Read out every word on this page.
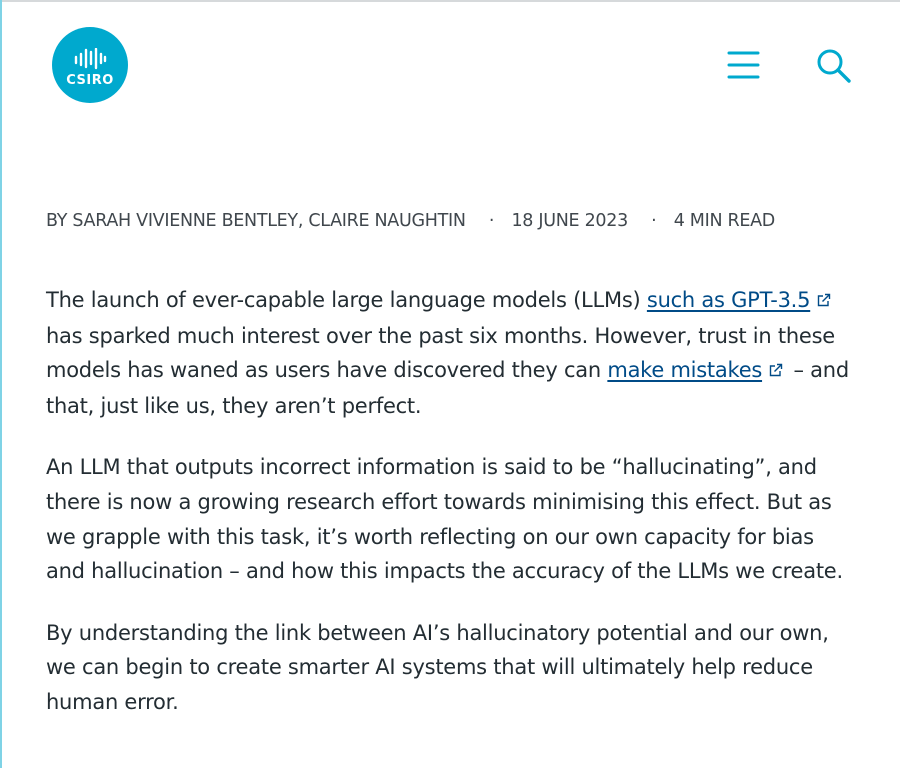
CSIRO
BY SARAH VIVIENNE BENTLEY, CLAIRE NAUGHTIN · 18 JUNE 2023 · 4 MIN READ

The launch of ever-capable large language models (LLMs) such as GPT-3.5 has sparked much interest over the past six months. However, trust in these models has waned as users have discovered they can make mistakes – and that, just like us, they aren’t perfect.

An LLM that outputs incorrect information is said to be “hallucinating”, and there is now a growing research effort towards minimising this effect. But as we grapple with this task, it’s worth reflecting on our own capacity for bias and hallucination – and how this impacts the accuracy of the LLMs we create.

By understanding the link between AI’s hallucinatory potential and our own, we can begin to create smarter AI systems that will ultimately help reduce human error.
